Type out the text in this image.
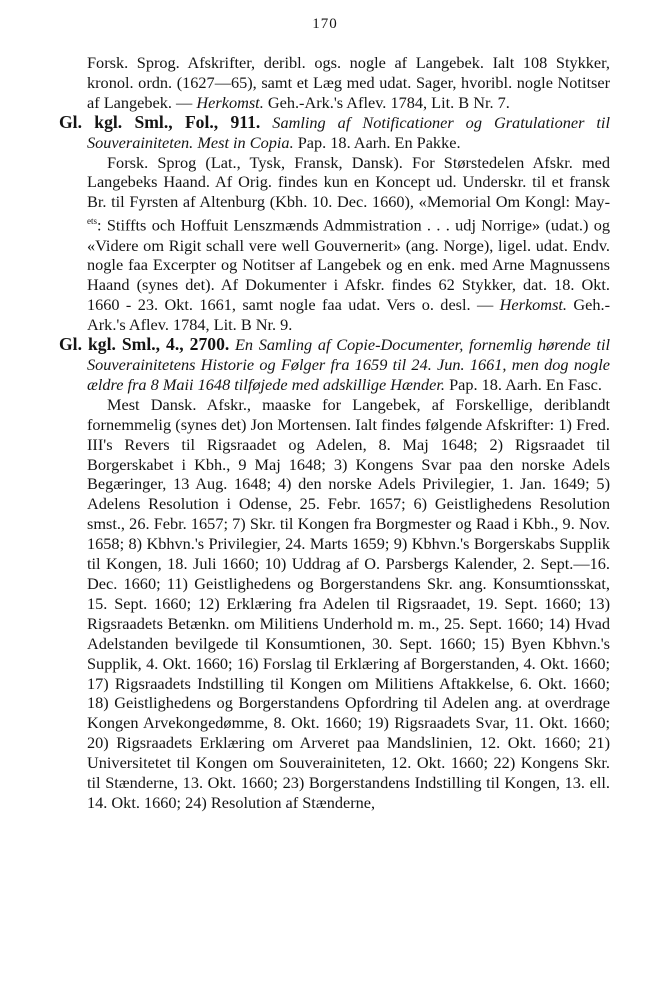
170

Forsk. Sprog. Afskrifter, deribl. ogs. nogle af Langebek. Ialt 108 Stykker, kronol. ordn. (1627—65), samt et Læg med udat. Sager, hvoribl. nogle Notitser af Langebek. — Herkomst. Geh.-Ark.'s Aflev. 1784, Lit. B Nr. 7.

Gl. kgl. Sml., Fol., 911. Samling af Notificationer og Gratulationer til Souverainiteten. Mest in Copia. Pap. 18. Aarh. En Pakke.

Forsk. Sprog (Lat., Tysk, Fransk, Dansk). For Størstedelen Afskr. med Langebeks Haand. Af Orig. findes kun en Koncept ud. Underskr. til et fransk Br. til Fyrsten af Altenburg (Kbh. 10. Dec. 1660), «Memorial Om Kongl: May-$^{ets}$: Stiffts och Hoffuit Lenszmænds Admmistration . . . udj Norrige» (udat.) og «Videre om Rigit schall vere well Gouvernerit» (ang. Norge), ligel. udat. Endv. nogle faa Excerpter og Notitser af Langebek og en enk. med Arne Magnussens Haand (synes det). Af Dokumenter i Afskr. findes 62 Stykker, dat. 18. Okt. 1660 - 23. Okt. 1661, samt nogle faa udat. Vers o. desl. — Herkomst. Geh.-Ark.'s Aflev. 1784, Lit. B Nr. 9.

Gl. kgl. Sml., 4., 2700. En Samling af Copie-Documenter, fornemlig hørende til Souverainitetens Historie og Følger fra 1659 til 24. Jun. 1661, men dog nogle ældre fra 8 Maii 1648 tilføjede med adskillige Hænder. Pap. 18. Aarh. En Fasc.

Mest Dansk. Afskr., maaske for Langebek, af Forskellige, deriblandt fornemmelig (synes det) Jon Mortensen. Ialt findes følgende Afskrifter: 1) Fred. III's Revers til Rigsraadet og Adelen, 8. Maj 1648; 2) Rigsraadet til Borgerskabet i Kbh., 9 Maj 1648; 3) Kongens Svar paa den norske Adels Begæringer, 13 Aug. 1648; 4) den norske Adels Privilegier, 1. Jan. 1649; 5) Adelens Resolution i Odense, 25. Febr. 1657; 6) Geistlighedens Resolution smst., 26. Febr. 1657; 7) Skr. til Kongen fra Borgmester og Raad i Kbh., 9. Nov. 1658; 8) Kbhvn.'s Privilegier, 24. Marts 1659; 9) Kbhvn.'s Borgerskabs Supplik til Kongen, 18. Juli 1660; 10) Uddrag af O. Parsbergs Kalender, 2. Sept.—16. Dec. 1660; 11) Geistlighedens og Borgerstandens Skr. ang. Konsumtionsskat, 15. Sept. 1660; 12) Erklæring fra Adelen til Rigsraadet, 19. Sept. 1660; 13) Rigsraadets Betænkn. om Militiens Underhold m. m., 25. Sept. 1660; 14) Hvad Adelstanden bevilgede til Konsumtionen, 30. Sept. 1660; 15) Byen Kbhvn.'s Supplik, 4. Okt. 1660; 16) Forslag til Erklæring af Borgerstanden, 4. Okt. 1660; 17) Rigsraadets Indstilling til Kongen om Militiens Aftakkelse, 6. Okt. 1660; 18) Geistlighedens og Borgerstandens Opfordring til Adelen ang. at overdrage Kongen Arvekongedømme, 8. Okt. 1660; 19) Rigsraadets Svar, 11. Okt. 1660; 20) Rigsraadets Erklæring om Arveret paa Mandslinien, 12. Okt. 1660; 21) Universitetet til Kongen om Souverainiteten, 12. Okt. 1660; 22) Kongens Skr. til Stænderne, 13. Okt. 1660; 23) Borgerstandens Indstilling til Kongen, 13. ell. 14. Okt. 1660; 24) Resolution af Stænderne,
